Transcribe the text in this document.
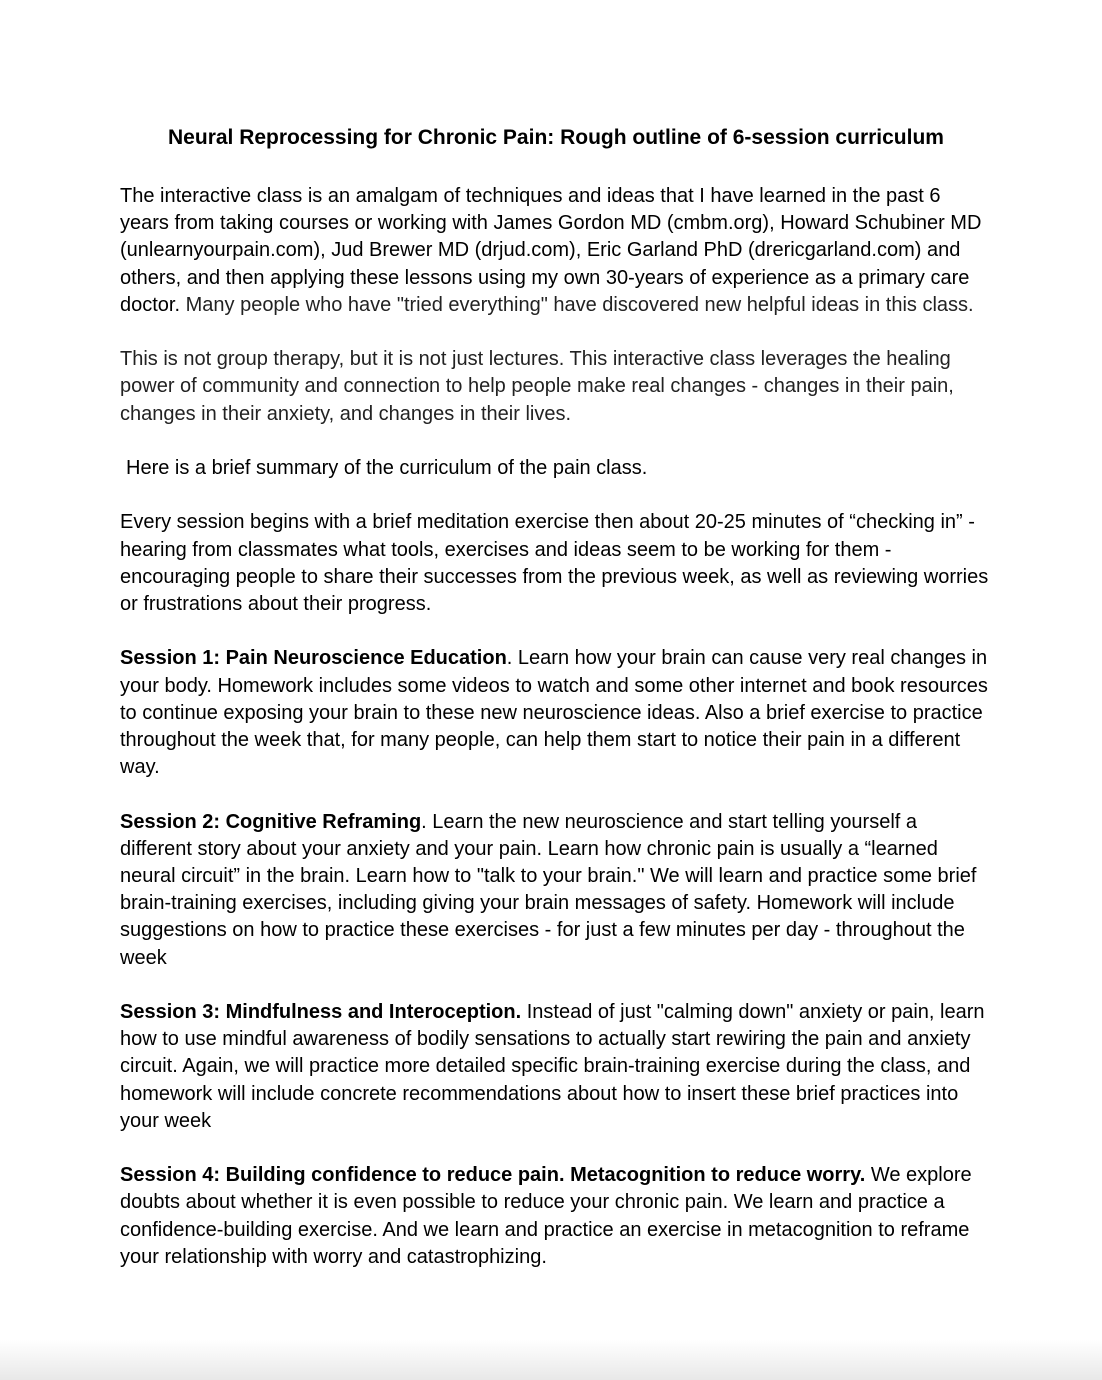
Neural Reprocessing for Chronic Pain: Rough outline of 6-session curriculum

The interactive class is an amalgam of techniques and ideas that I have learned in the past 6 years from taking courses or working with James Gordon MD (cmbm.org), Howard Schubiner MD (unlearnyourpain.com), Jud Brewer MD (drjud.com), Eric Garland PhD (drericgarland.com) and others, and then applying these lessons using my own 30-years of experience as a primary care doctor. Many people who have "tried everything" have discovered new helpful ideas in this class.

This is not group therapy, but it is not just lectures. This interactive class leverages the healing power of community and connection to help people make real changes - changes in their pain, changes in their anxiety, and changes in their lives.

Here is a brief summary of the curriculum of the pain class.

Every session begins with a brief meditation exercise then about 20-25 minutes of “checking in” - hearing from classmates what tools, exercises and ideas seem to be working for them - encouraging people to share their successes from the previous week, as well as reviewing worries or frustrations about their progress.

Session 1: Pain Neuroscience Education. Learn how your brain can cause very real changes in your body. Homework includes some videos to watch and some other internet and book resources to continue exposing your brain to these new neuroscience ideas. Also a brief exercise to practice throughout the week that, for many people, can help them start to notice their pain in a different way.

Session 2: Cognitive Reframing. Learn the new neuroscience and start telling yourself a different story about your anxiety and your pain. Learn how chronic pain is usually a “learned neural circuit” in the brain. Learn how to "talk to your brain." We will learn and practice some brief brain-training exercises, including giving your brain messages of safety. Homework will include suggestions on how to practice these exercises - for just a few minutes per day - throughout the week

Session 3: Mindfulness and Interoception. Instead of just "calming down" anxiety or pain, learn how to use mindful awareness of bodily sensations to actually start rewiring the pain and anxiety circuit. Again, we will practice more detailed specific brain-training exercise during the class, and homework will include concrete recommendations about how to insert these brief practices into your week

Session 4: Building confidence to reduce pain. Metacognition to reduce worry. We explore doubts about whether it is even possible to reduce your chronic pain. We learn and practice a confidence-building exercise. And we learn and practice an exercise in metacognition to reframe your relationship with worry and catastrophizing.
